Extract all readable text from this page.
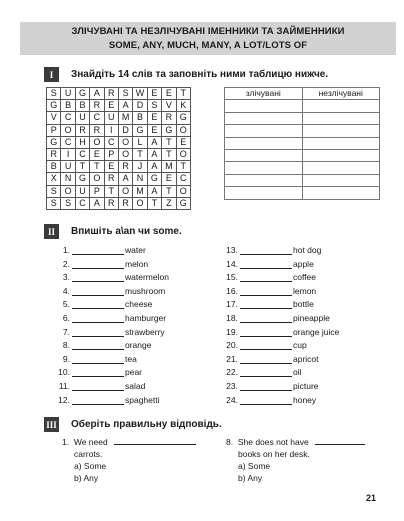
ЗЛІЧУВАНІ ТА НЕЗЛІЧУВАНІ ІМЕННИКИ ТА ЗАЙМЕННИКИ
SOME, ANY, MUCH, MANY, A LOT/LOTS OF
I	Знайдіть 14 слів та заповніть ними таблицю нижче.
S	U	G	A	R	S	W	E	E	T
G	B	B	R	E	A	D	S	V	K
V	C	U	C	U	M	B	E	R	G
P	O	R	R	I	D	G	E	G	O
G	C	H	O	C	O	L	A	T	E
R	I	C	E	P	O	T	A	T	O
B	U	T	T	E	R	J	A	M	T
X	N	G	O	R	A	N	G	E	C
S	O	U	P	T	O	M	A	T	O
S	S	C	A	R	R	O	T	Z	G
злічувані	незлічувані

II	Впишіть a\an чи some.
1.	water
2.	melon
3.	watermelon
4.	mushroom
5.	cheese
6.	hamburger
7.	strawberry
8.	orange
9.	tea
10.	pear
11.	salad
12.	spaghetti
13.	hot dog
14.	apple
15.	coffee
16.	lemon
17.	bottle
18.	pineapple
19.	orange juice
20.	cup
21.	apricot
22.	oil
23.	picture
24.	honey
III Оберіть правильну відповідь.
1. We need
carrots.
a) Some
b) Any
8. She does not have
books on her desk.
a) Some
b) Any
21
